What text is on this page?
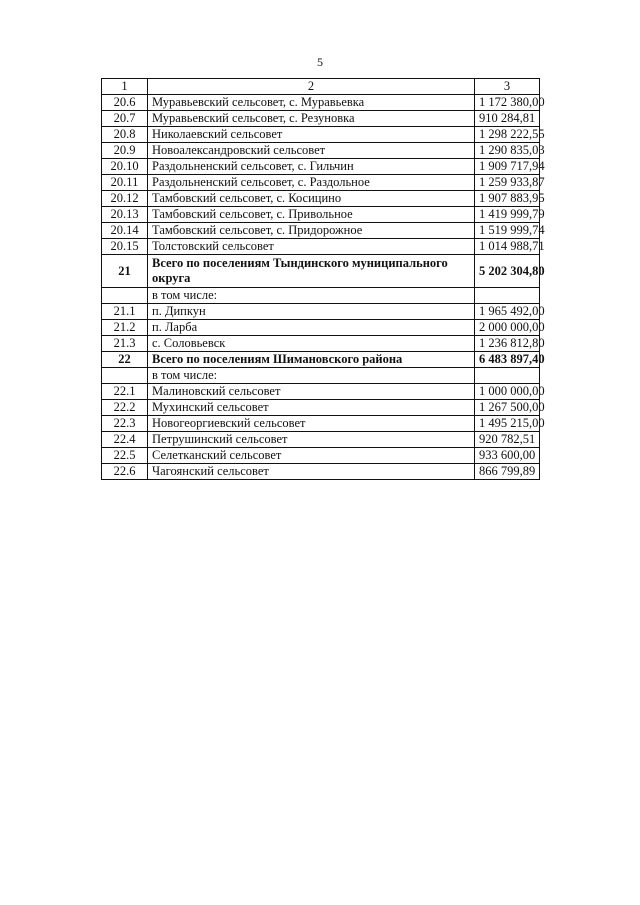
5
1	2	3
20.6	Муравьевский сельсовет, с. Муравьевка	1 172 380,00
20.7	Муравьевский сельсовет, с. Резуновка	910 284,81
20.8	Николаевский сельсовет	1 298 222,55
20.9	Новоалександровский сельсовет	1 290 835,03
20.10	Раздольненский сельсовет, с. Гильчин	1 909 717,94
20.11	Раздольненский сельсовет, с. Раздольное	1 259 933,87
20.12	Тамбовский сельсовет, с. Косицино	1 907 883,95
20.13	Тамбовский сельсовет, с. Привольное	1 419 999,79
20.14	Тамбовский сельсовет, с. Придорожное	1 519 999,74
20.15	Толстовский сельсовет	1 014 988,71
21	Всего по поселениям Тындинского муниципального округа	5 202 304,80
	в том числе:	
21.1	п. Дипкун	1 965 492,00
21.2	п. Ларба	2 000 000,00
21.3	с. Соловьевск	1 236 812,80
22	Всего по поселениям Шимановского района	6 483 897,40
	в том числе:	
22.1	Малиновский сельсовет	1 000 000,00
22.2	Мухинский сельсовет	1 267 500,00
22.3	Новогеоргиевский сельсовет	1 495 215,00
22.4	Петрушинский сельсовет	920 782,51
22.5	Селетканский сельсовет	933 600,00
22.6	Чагоянский сельсовет	866 799,89
